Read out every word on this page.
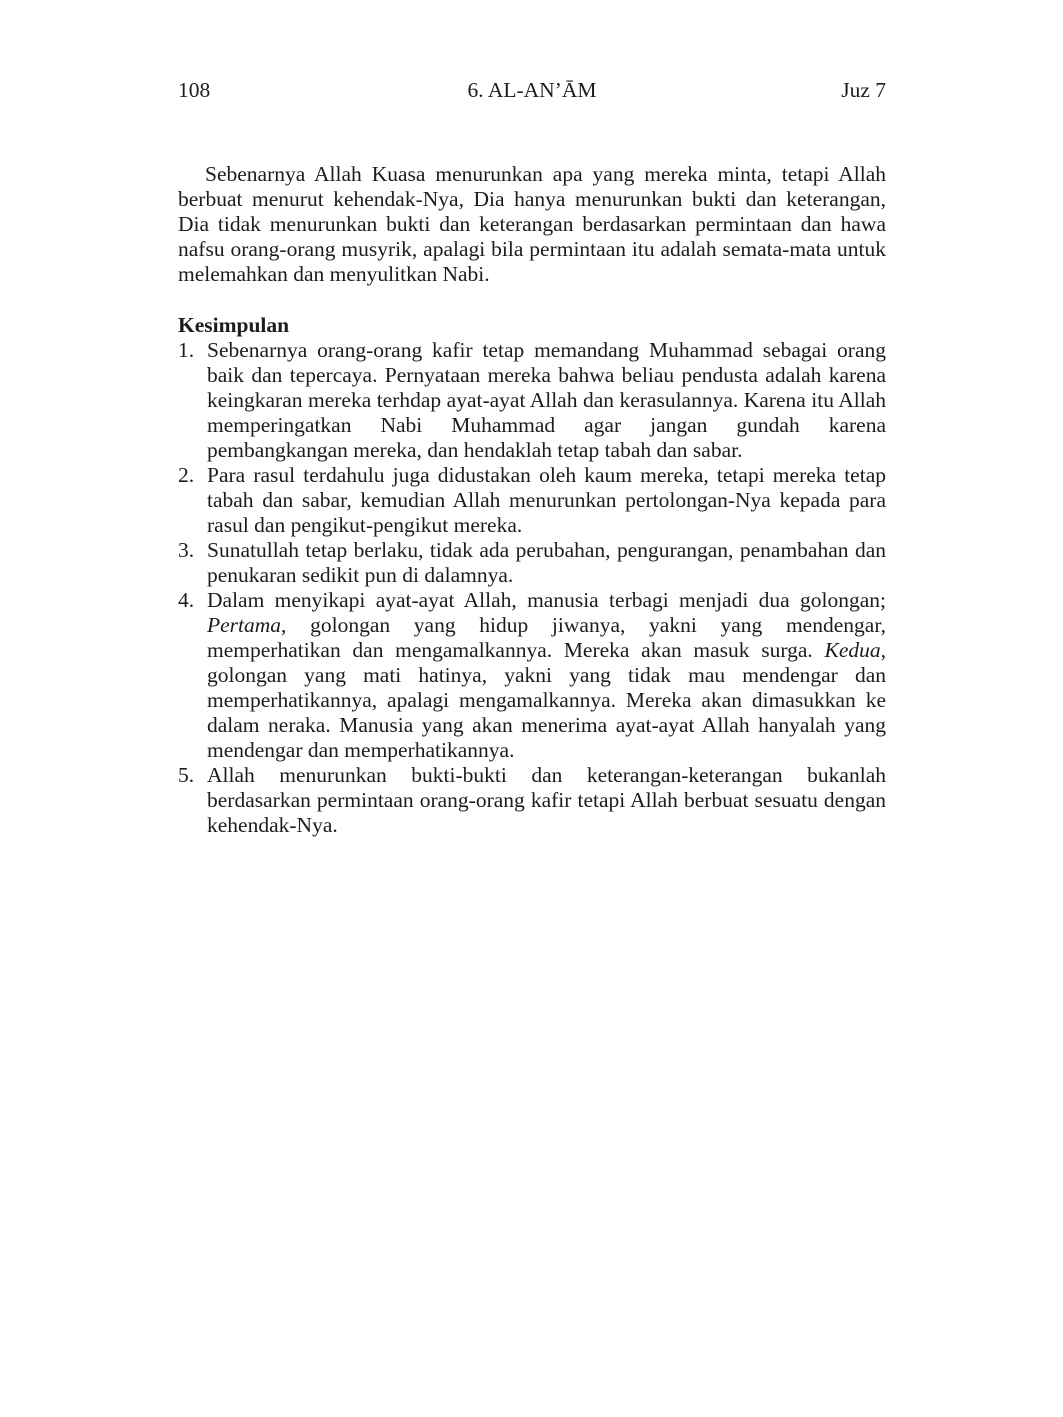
108	6. AL-AN’ĀM	Juz 7

Sebenarnya Allah Kuasa menurunkan apa yang mereka minta, tetapi Allah berbuat menurut kehendak-Nya, Dia hanya menurunkan bukti dan keterangan, Dia tidak menurunkan bukti dan keterangan berdasarkan permintaan dan hawa nafsu orang-orang musyrik, apalagi bila permintaan itu adalah semata-mata untuk melemahkan dan menyulitkan Nabi.

Kesimpulan
1. Sebenarnya orang-orang kafir tetap memandang Muhammad sebagai orang baik dan tepercaya. Pernyataan mereka bahwa beliau pendusta adalah karena keingkaran mereka terhdap ayat-ayat Allah dan kerasulannya. Karena itu Allah memperingatkan Nabi Muhammad agar jangan gundah karena pembangkangan mereka, dan hendaklah tetap tabah dan sabar.
2. Para rasul terdahulu juga didustakan oleh kaum mereka, tetapi mereka tetap tabah dan sabar, kemudian Allah menurunkan pertolongan-Nya kepada para rasul dan pengikut-pengikut mereka.
3. Sunatullah tetap berlaku, tidak ada perubahan, pengurangan, penambahan dan penukaran sedikit pun di dalamnya.
4. Dalam menyikapi ayat-ayat Allah, manusia terbagi menjadi dua golongan; Pertama, golongan yang hidup jiwanya, yakni yang mendengar, memperhatikan dan mengamalkannya. Mereka akan masuk surga. Kedua, golongan yang mati hatinya, yakni yang tidak mau mendengar dan memperhatikannya, apalagi mengamalkannya. Mereka akan dimasukkan ke dalam neraka. Manusia yang akan menerima ayat-ayat Allah hanyalah yang mendengar dan memperhatikannya.
5. Allah menurunkan bukti-bukti dan keterangan-keterangan bukanlah berdasarkan permintaan orang-orang kafir tetapi Allah berbuat sesuatu dengan kehendak-Nya.
